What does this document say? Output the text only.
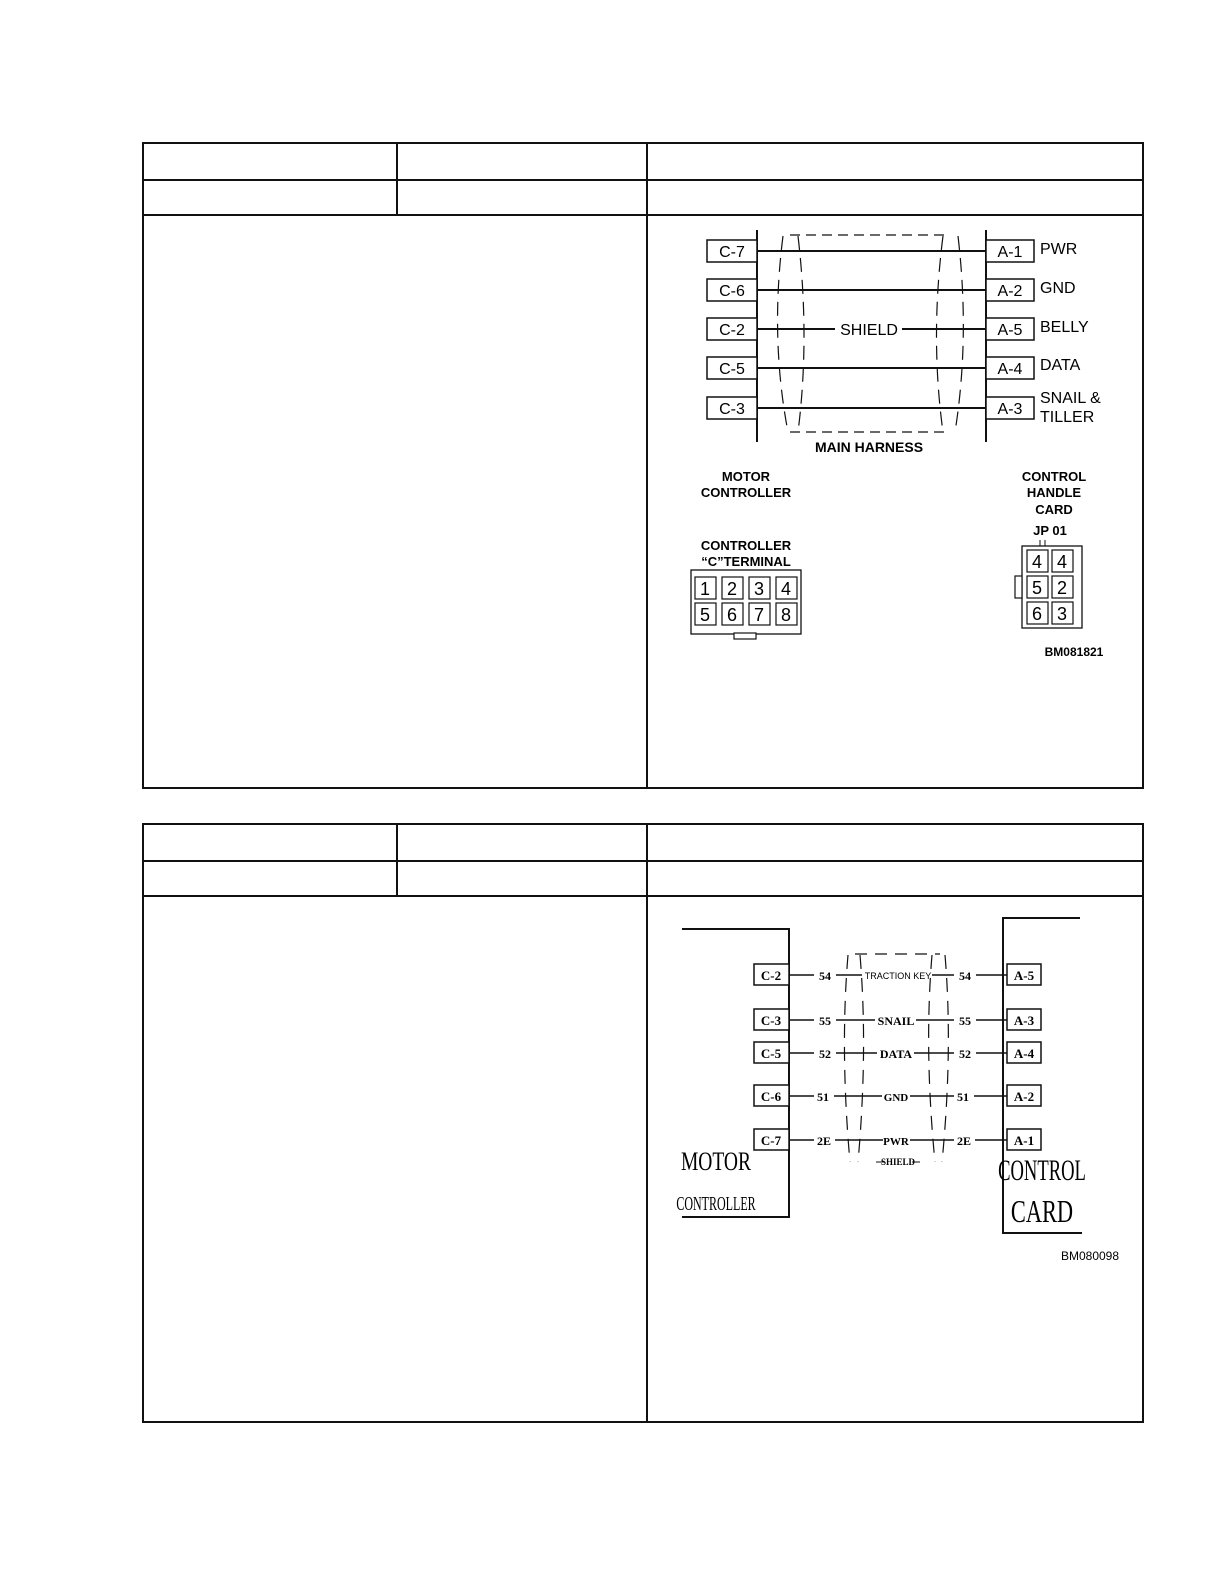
C-7	A-1 PWR
C-6	A-2 GND
C-2	SHIELD	A-5 BELLY
C-5	A-4 DATA
C-3	A-3
SNAIL &
TILLER
MAIN HARNESS
MOTOR
CONTROLLER
CONTROL
HANDLE
CARD
JP 01
CONTROLLER
“C”TERMINAL
1 2 3 4
5 6 7 8
4 4
5 2
6 3
BM081821
C-2	54	TRACTION KEY 54	A-5
C-3	55	SNAIL	55	A-3
C-5	52	DATA	52	A-4
C-6	51	GND	51	A-2
C-7	2E	PWR	2E	A-1
SHIELD
MOTOR
CONTROLLER
CONTROL
CARD
BM080098
